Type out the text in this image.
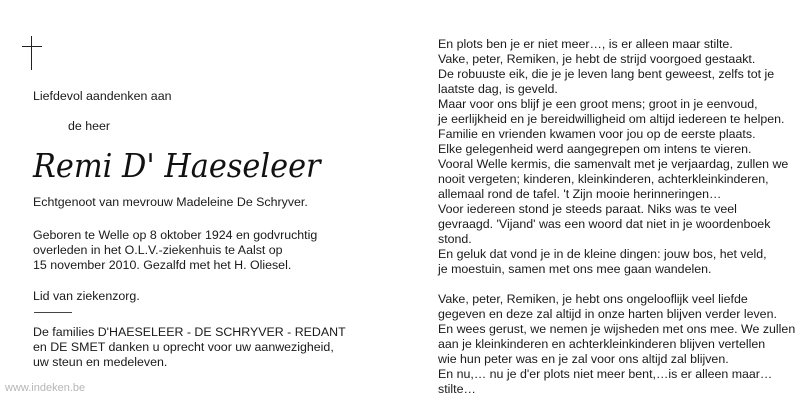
Liefdevol aandenken aan
de heer
Remi D' Haeseleer
Echtgenoot van mevrouw Madeleine De Schryver.
Geboren te Welle op 8 oktober 1924 en godvruchtig
overleden in het O.L.V.-ziekenhuis te Aalst op
15 november 2010. Gezalfd met het H. Oliesel.
Lid van ziekenzorg.
De families D'HAESELEER - DE SCHRYVER - REDANT
en DE SMET danken u oprecht voor uw aanwezigheid,
uw steun en medeleven.
En plots ben je er niet meer…, is er alleen maar stilte.
Vake, peter, Remiken, je hebt de strijd voorgoed gestaakt.
De robuuste eik, die je je leven lang bent geweest, zelfs tot je
laatste dag, is geveld.
Maar voor ons blijf je een groot mens; groot in je eenvoud,
je eerlijkheid en je bereidwilligheid om altijd iedereen te helpen.
Familie en vrienden kwamen voor jou op de eerste plaats.
Elke gelegenheid werd aangegrepen om intens te vieren.
Vooral Welle kermis, die samenvalt met je verjaardag, zullen we
nooit vergeten; kinderen, kleinkinderen, achterkleinkinderen,
allemaal rond de tafel. 't Zijn mooie herinneringen…
Voor iedereen stond je steeds paraat. Niks was te veel
gevraagd. 'Vijand' was een woord dat niet in je woordenboek
stond.
En geluk dat vond je in de kleine dingen: jouw bos, het veld,
je moestuin, samen met ons mee gaan wandelen.
Vake, peter, Remiken, je hebt ons ongelooflijk veel liefde
gegeven en deze zal altijd in onze harten blijven verder leven.
En wees gerust, we nemen je wijsheden met ons mee. We zullen
aan je kleinkinderen en achterkleinkinderen blijven vertellen
wie hun peter was en je zal voor ons altijd zal blijven.
En nu,… nu je d'er plots niet meer bent,…is er alleen maar…
stilte…
www.indeken.be
